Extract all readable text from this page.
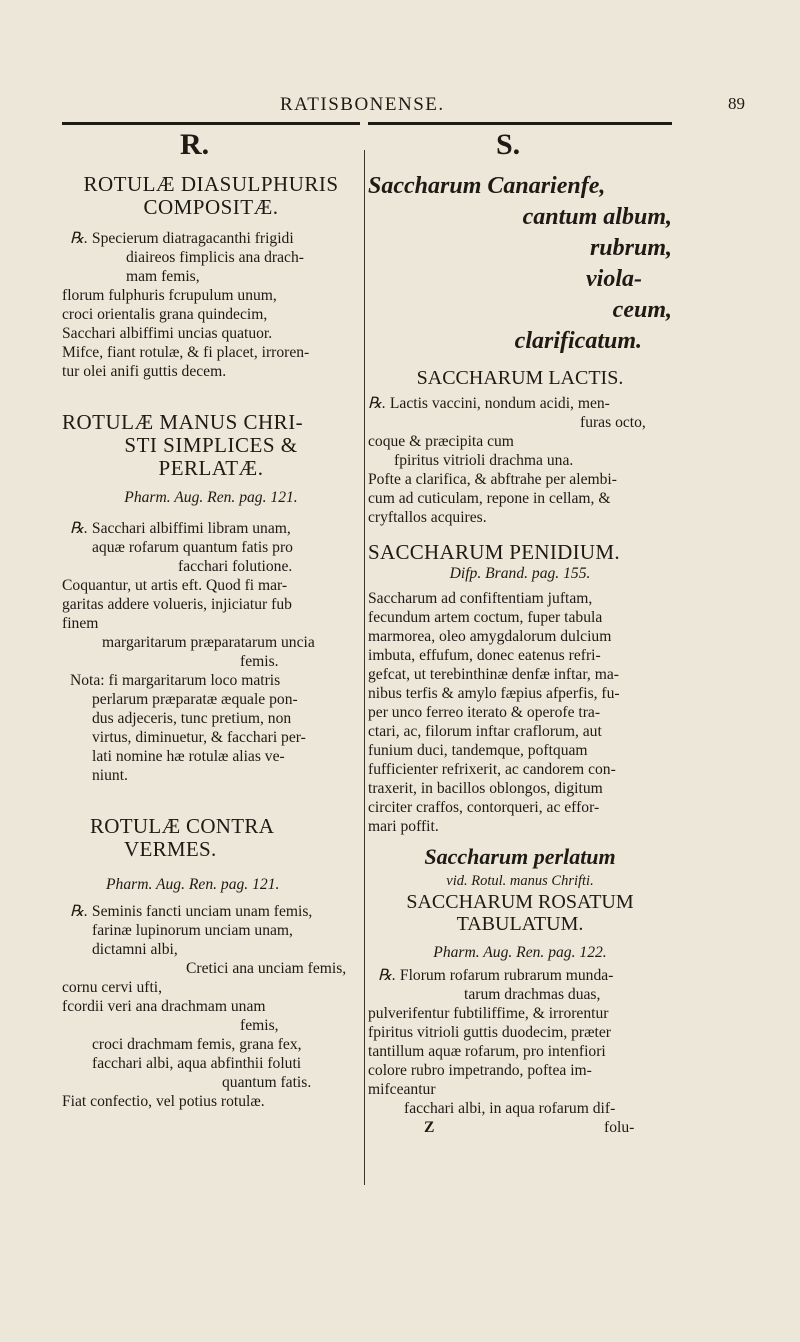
RATISBONENSE.	89
R.	S.
ROTULÆ DIASULPHURIS
COMPOSITÆ.
℞. Specierum diatragacanthi frigidi
diaireos fimplicis ana drach-
mam femis,
florum fulphuris fcrupulum unum,
croci orientalis grana quindecim,
Sacchari albiffimi uncias quatuor.
Mifce, fiant rotulæ, & fi placet, irroren-
tur olei anifi guttis decem.
ROTULÆ MANUS CHRI-
STI SIMPLICES &
PERLATÆ.
Pharm. Aug. Ren. pag. 121.
℞. Sacchari albiffimi libram unam,
aquæ rofarum quantum fatis pro
facchari folutione.
Coquantur, ut artis eft. Quod fi mar-
garitas addere volueris, injiciatur fub
finem
margaritarum præparatarum uncia
femis.
Nota: fi margaritarum loco matris
perlarum præparatæ æquale pon-
dus adjeceris, tunc pretium, non
virtus, diminuetur, & facchari per-
lati nomine hæ rotulæ alias ve-
niunt.
ROTULÆ CONTRA
VERMES.
Pharm. Aug. Ren. pag. 121.
℞. Seminis fancti unciam unam femis,
farinæ lupinorum unciam unam,
dictamni albi,
Cretici ana unciam femis,
cornu cervi ufti,
fcordii veri ana drachmam unam
femis,
croci drachmam femis, grana fex,
facchari albi, aqua abfinthii foluti
quantum fatis.
Fiat confectio, vel potius rotulæ.
Saccharum Canarienfe,
cantum album,
rubrum,
viola-
ceum,
clarificatum.
SACCHARUM LACTIS.
℞. Lactis vaccini, nondum acidi, men-
furas octo,
coque & præcipita cum
fpiritus vitrioli drachma una.
Pofte a clarifica, & abftrahe per alembi-
cum ad cuticulam, repone in cellam, &
cryftallos acquires.
SACCHARUM PENIDIUM.
Difp. Brand. pag. 155.
Saccharum ad confiftentiam juftam,
fecundum artem coctum, fuper tabula
marmorea, oleo amygdalorum dulcium
imbuta, effufum, donec eatenus refri-
gefcat, ut terebinthinæ denfæ inftar, ma-
nibus terfis & amylo fæpius afperfis, fu-
per unco ferreo iterato & operofe tra-
ctari, ac, filorum inftar craflorum, aut
funium duci, tandemque, poftquam
fufficienter refrixerit, ac candorem con-
traxerit, in bacillos oblongos, digitum
circiter craffos, contorqueri, ac effor-
mari poffit.
Saccharum perlatum
vid. Rotul. manus Chrifti.
SACCHARUM ROSATUM
TABULATUM.
Pharm. Aug. Ren. pag. 122.
℞. Florum rofarum rubrarum munda-
tarum drachmas duas,
pulverifentur fubtiliffime, & irrorentur
fpiritus vitrioli guttis duodecim, præter
tantillum aquæ rofarum, pro intenfiori
colore rubro impetrando, poftea im-
mifceantur
facchari albi, in aqua rofarum dif-
Z	folu-
